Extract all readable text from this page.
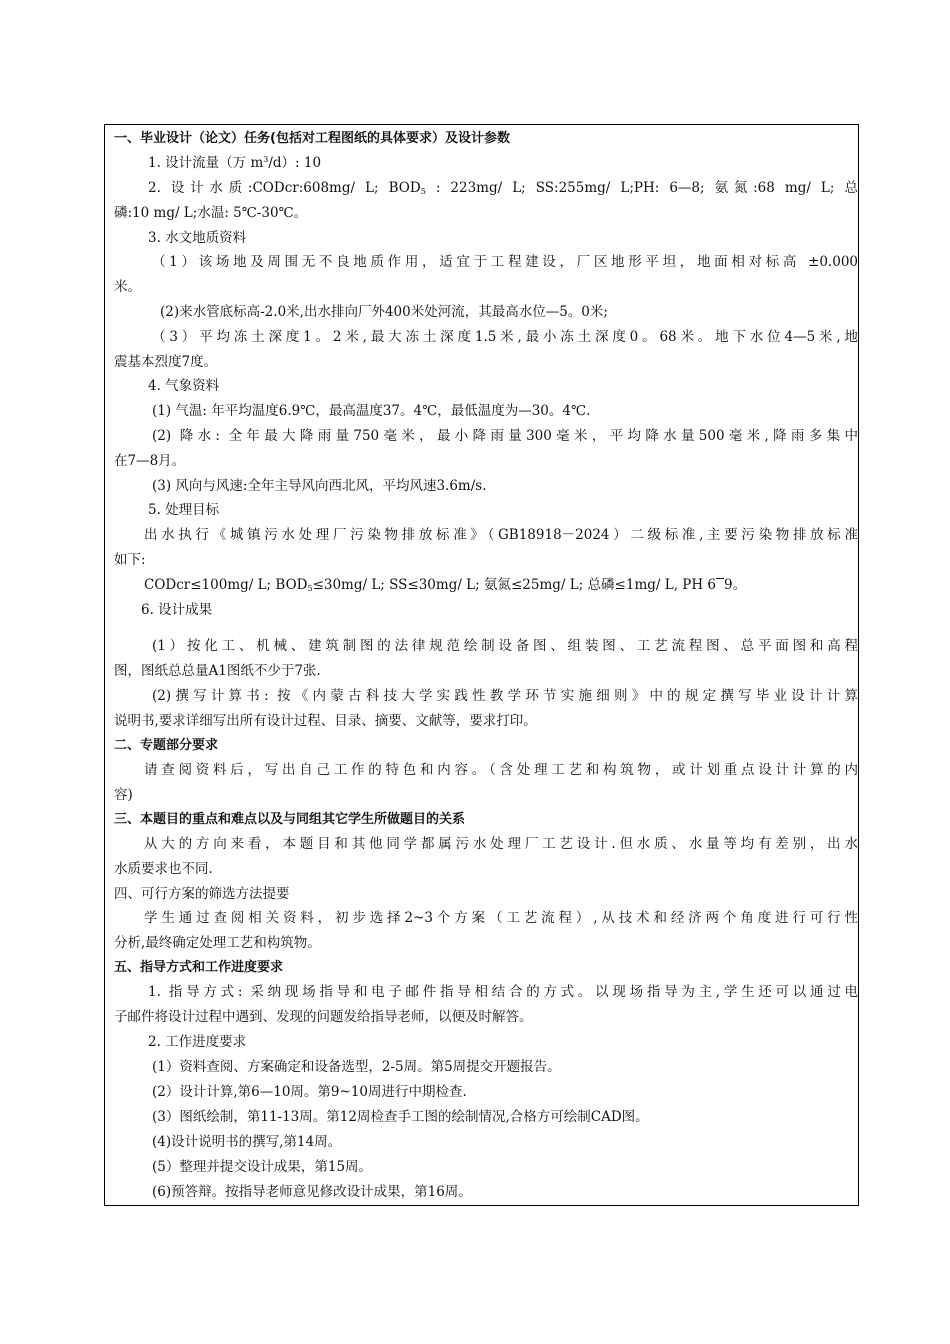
一、毕业设计（论文）任务(包括对工程图纸的具体要求）及设计参数
1. 设计流量（万 $m^3/d$）: 10
2. 设计水质:CODcr:608mg/ L; $BOD_5$ : 223mg/ L; SS:255mg/ L;PH: 6—8; 氨氮:68 mg/ L; 总
磷:10 mg/ L;水温: 5℃-30℃。
3. 水文地质资料
（1）该场地及周围无不良地质作用，适宜于工程建设，厂区地形平坦，地面相对标高 ±0.000
米。
(2)来水管底标高-2.0米,出水排向厂外400米处河流，其最高水位—5。0米;
（3）平均冻土深度1。2米,最大冻土深度1.5米,最小冻土深度0。68米。地下水位4—5米,地
震基本烈度7度。
4. 气象资料
(1) 气温: 年平均温度6.9℃，最高温度37。4℃，最低温度为—30。4℃.
(2) 降水: 全年最大降雨量750毫米，最小降雨量300毫米，平均降水量500毫米,降雨多集中
在7—8月。
(3) 风向与风速:全年主导风向西北风，平均风速3.6m/s.
5. 处理目标
出水执行《城镇污水处理厂污染物排放标准》（GB18918－2024）二级标准,主要污染物排放标准
如下:
CODcr≤100mg/ L; $BOD_5\le 30mg/$ L; SS≤30mg/ L; 氨氮≤25mg/ L; 总磷≤1mg/ L, PH 6 9。
6. 设计成果
(1）按化工、机械、建筑制图的法律规范绘制设备图、组装图、工艺流程图、总平面图和高程
图，图纸总总量A1图纸不少于7张.
(2)撰写计算书: 按《内蒙古科技大学实践性教学环节实施细则》中的规定撰写毕业设计计算
说明书,要求详细写出所有设计过程、目录、摘要、文献等，要求打印。
二、专题部分要求
请查阅资料后，写出自己工作的特色和内容。（含处理工艺和构筑物，或计划重点设计计算的内
容)
三、本题目的重点和难点以及与同组其它学生所做题目的关系
从大的方向来看，本题目和其他同学都属污水处理厂工艺设计.但水质、水量等均有差别，出水
水质要求也不同.
四、可行方案的筛选方法提要
学生通过查阅相关资料，初步选择2~3个方案（工艺流程）,从技术和经济两个角度进行可行性
分析,最终确定处理工艺和构筑物。
五、指导方式和工作进度要求
1. 指导方式: 采纳现场指导和电子邮件指导相结合的方式。以现场指导为主,学生还可以通过电
子邮件将设计过程中遇到、发现的问题发给指导老师，以便及时解答。
2. 工作进度要求
(1）资料查阅、方案确定和设备选型，2-5周。第5周提交开题报告。
(2）设计计算,第6—10周。第9~10周进行中期检查.
(3）图纸绘制，第11-13周。第12周检查手工图的绘制情况,合格方可绘制CAD图。
(4)设计说明书的撰写,第14周。
(5）整理并提交设计成果，第15周。
(6)预答辩。按指导老师意见修改设计成果，第16周。
